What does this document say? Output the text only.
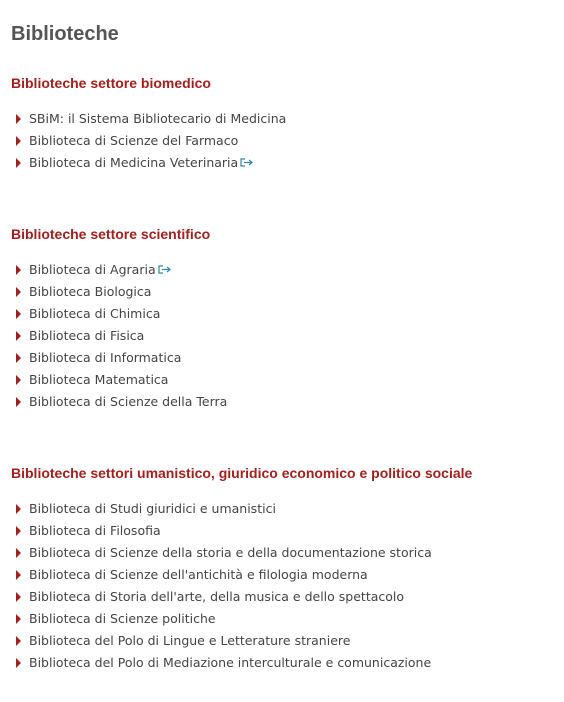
Biblioteche
Biblioteche settore biomedico
SBiM: il Sistema Bibliotecario di Medicina
Biblioteca di Scienze del Farmaco
Biblioteca di Medicina Veterinaria
Biblioteche settore scientifico
Biblioteca di Agraria
Biblioteca Biologica
Biblioteca di Chimica
Biblioteca di Fisica
Biblioteca di Informatica
Biblioteca Matematica
Biblioteca di Scienze della Terra
Biblioteche settori umanistico, giuridico economico e politico sociale
Biblioteca di Studi giuridici e umanistici
Biblioteca di Filosofia
Biblioteca di Scienze della storia e della documentazione storica
Biblioteca di Scienze dell'antichità e filologia moderna
Biblioteca di Storia dell'arte, della musica e dello spettacolo
Biblioteca di Scienze politiche
Biblioteca del Polo di Lingue e Letterature straniere
Biblioteca del Polo di Mediazione interculturale e comunicazione
